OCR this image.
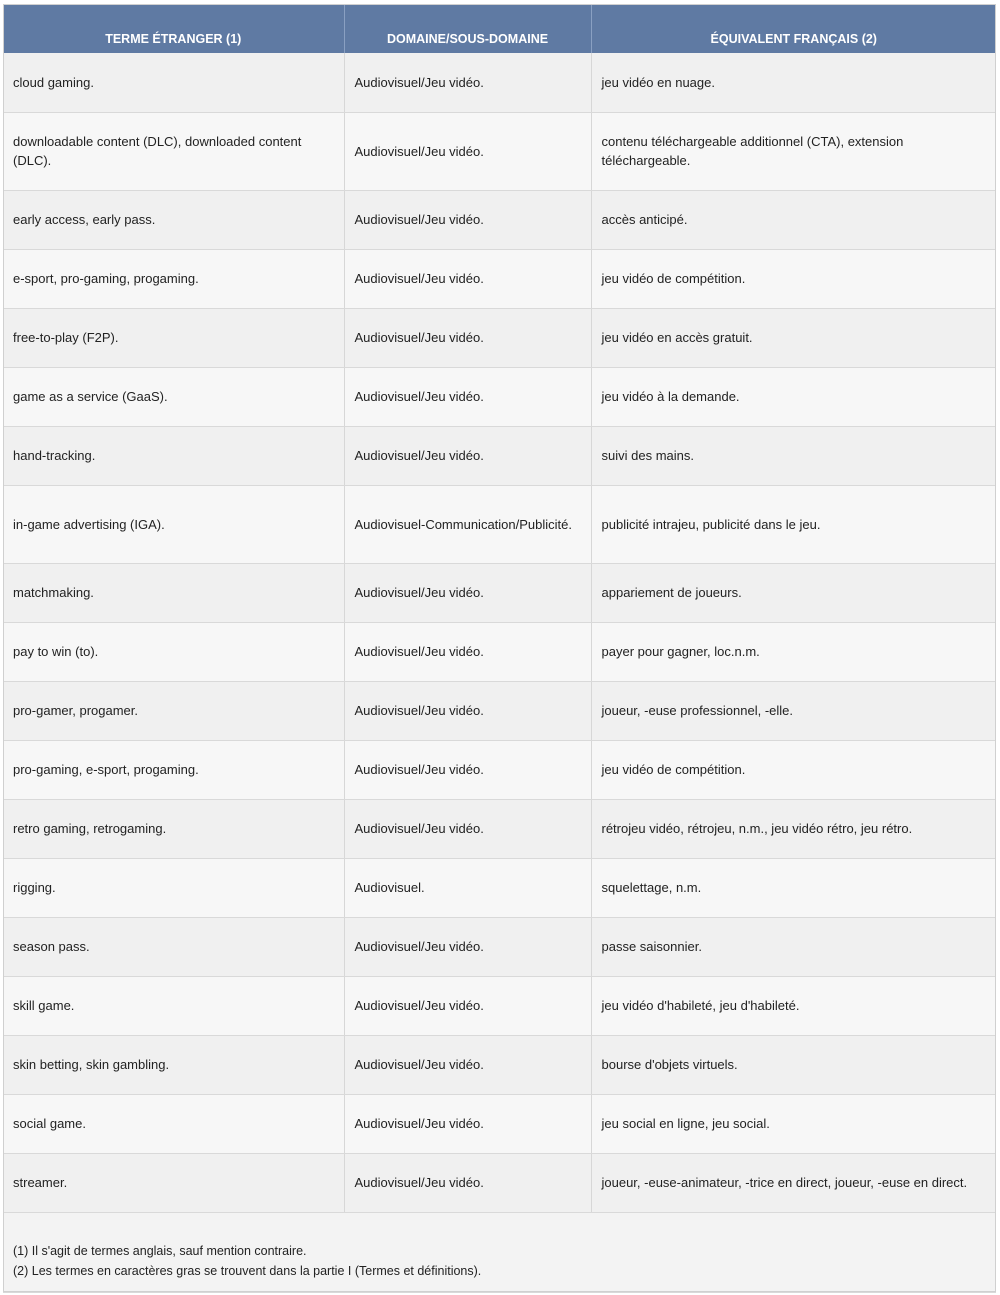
TERME ÉTRANGER (1)	DOMAINE/SOUS-DOMAINE	ÉQUIVALENT FRANÇAIS (2)
cloud gaming.	Audiovisuel/Jeu vidéo.	jeu vidéo en nuage.
downloadable content (DLC), downloaded content (DLC).	Audiovisuel/Jeu vidéo.	contenu téléchargeable additionnel (CTA), extension téléchargeable.
early access, early pass.	Audiovisuel/Jeu vidéo.	accès anticipé.
e-sport, pro-gaming, progaming.	Audiovisuel/Jeu vidéo.	jeu vidéo de compétition.
free-to-play (F2P).	Audiovisuel/Jeu vidéo.	jeu vidéo en accès gratuit.
game as a service (GaaS).	Audiovisuel/Jeu vidéo.	jeu vidéo à la demande.
hand-tracking.	Audiovisuel/Jeu vidéo.	suivi des mains.
in-game advertising (IGA).	Audiovisuel-Communication/Publicité.	publicité intrajeu, publicité dans le jeu.
matchmaking.	Audiovisuel/Jeu vidéo.	appariement de joueurs.
pay to win (to).	Audiovisuel/Jeu vidéo.	payer pour gagner, loc.n.m.
pro-gamer, progamer.	Audiovisuel/Jeu vidéo.	joueur, -euse professionnel, -elle.
pro-gaming, e-sport, progaming.	Audiovisuel/Jeu vidéo.	jeu vidéo de compétition.
retro gaming, retrogaming.	Audiovisuel/Jeu vidéo.	rétrojeu vidéo, rétrojeu, n.m., jeu vidéo rétro, jeu rétro.
rigging.	Audiovisuel.	squelettage, n.m.
season pass.	Audiovisuel/Jeu vidéo.	passe saisonnier.
skill game.	Audiovisuel/Jeu vidéo.	jeu vidéo d'habileté, jeu d'habileté.
skin betting, skin gambling.	Audiovisuel/Jeu vidéo.	bourse d'objets virtuels.
social game.	Audiovisuel/Jeu vidéo.	jeu social en ligne, jeu social.
streamer.	Audiovisuel/Jeu vidéo.	joueur, -euse-animateur, -trice en direct, joueur, -euse en direct.
(1) Il s'agit de termes anglais, sauf mention contraire.
(2) Les termes en caractères gras se trouvent dans la partie I (Termes et définitions).
